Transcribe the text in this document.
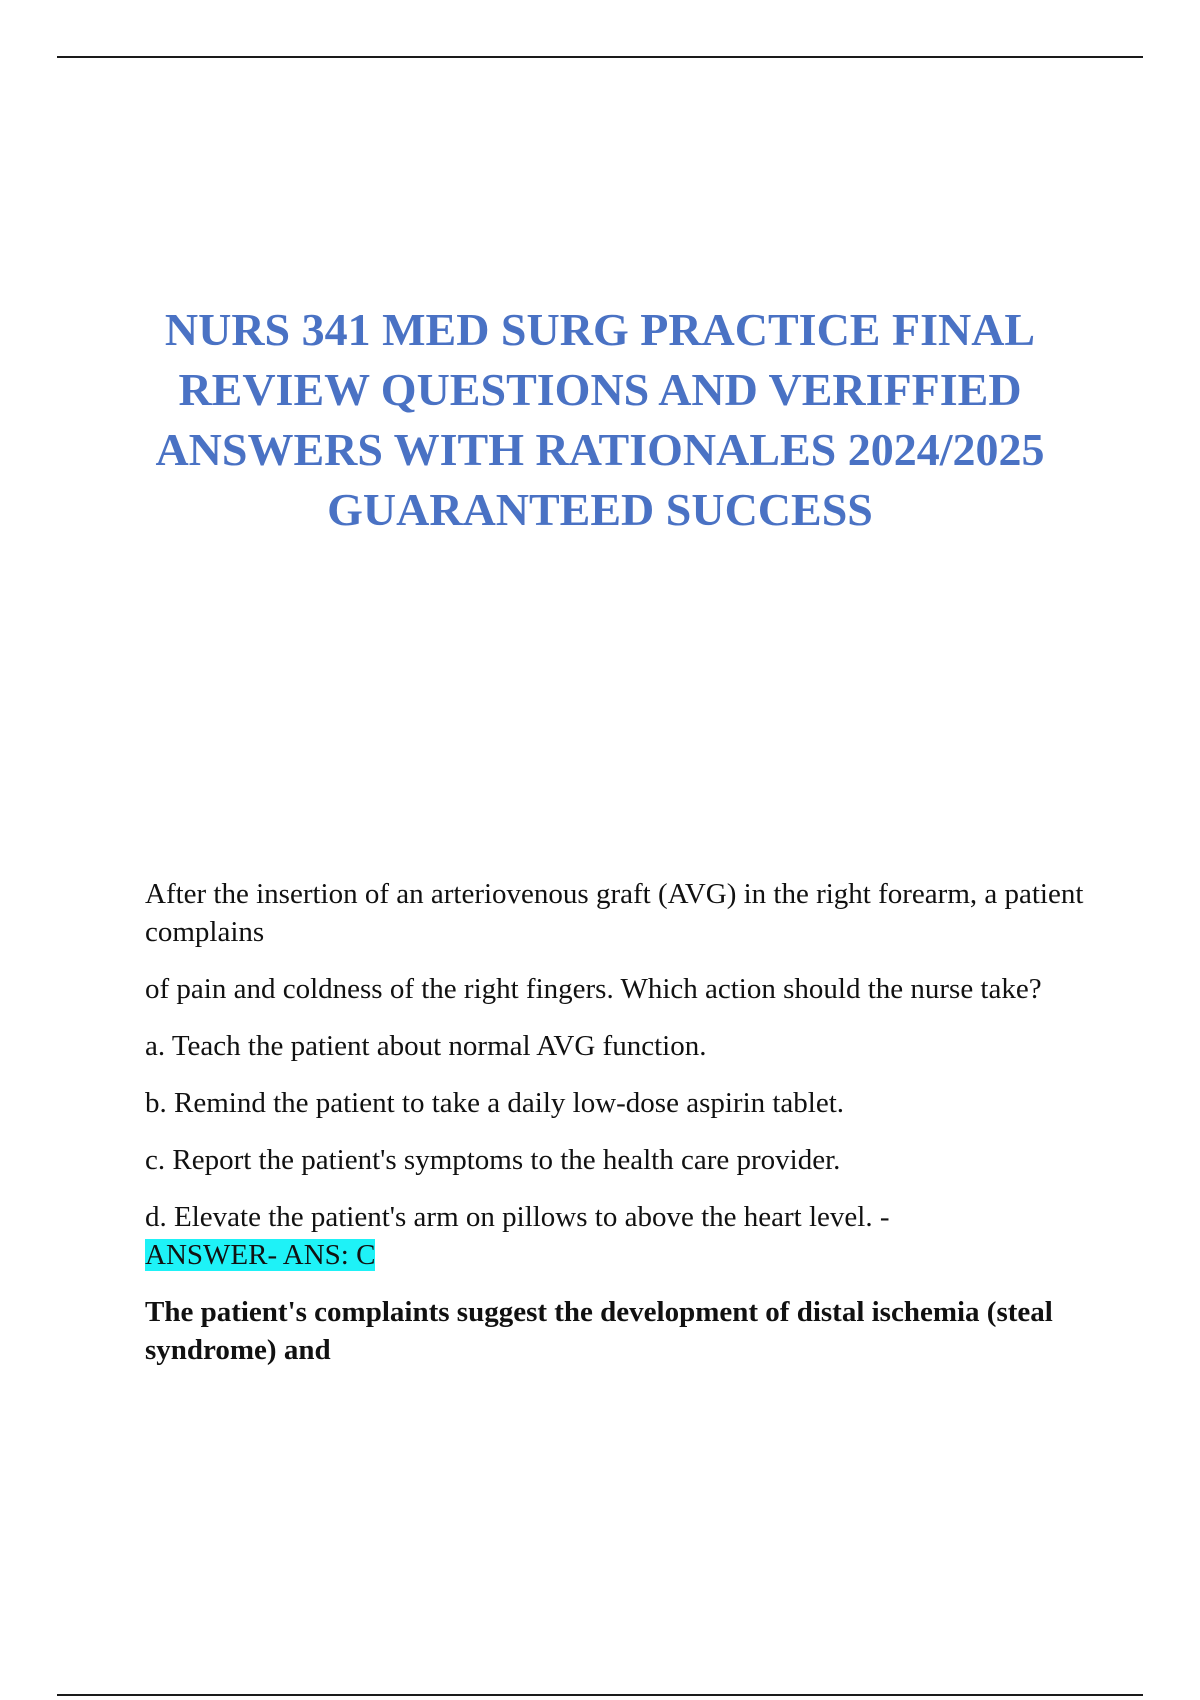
NURS 341 MED SURG PRACTICE FINAL
REVIEW QUESTIONS AND VERIFFIED
ANSWERS WITH RATIONALES 2024/2025
GUARANTEED SUCCESS

After the insertion of an arteriovenous graft (AVG) in the right forearm, a patient complains

of pain and coldness of the right fingers. Which action should the nurse take?

a. Teach the patient about normal AVG function.

b. Remind the patient to take a daily low-dose aspirin tablet.

c. Report the patient's symptoms to the health care provider.

d. Elevate the patient's arm on pillows to above the heart level. -
ANSWER- ANS: C

The patient's complaints suggest the development of distal ischemia (steal syndrome) and
